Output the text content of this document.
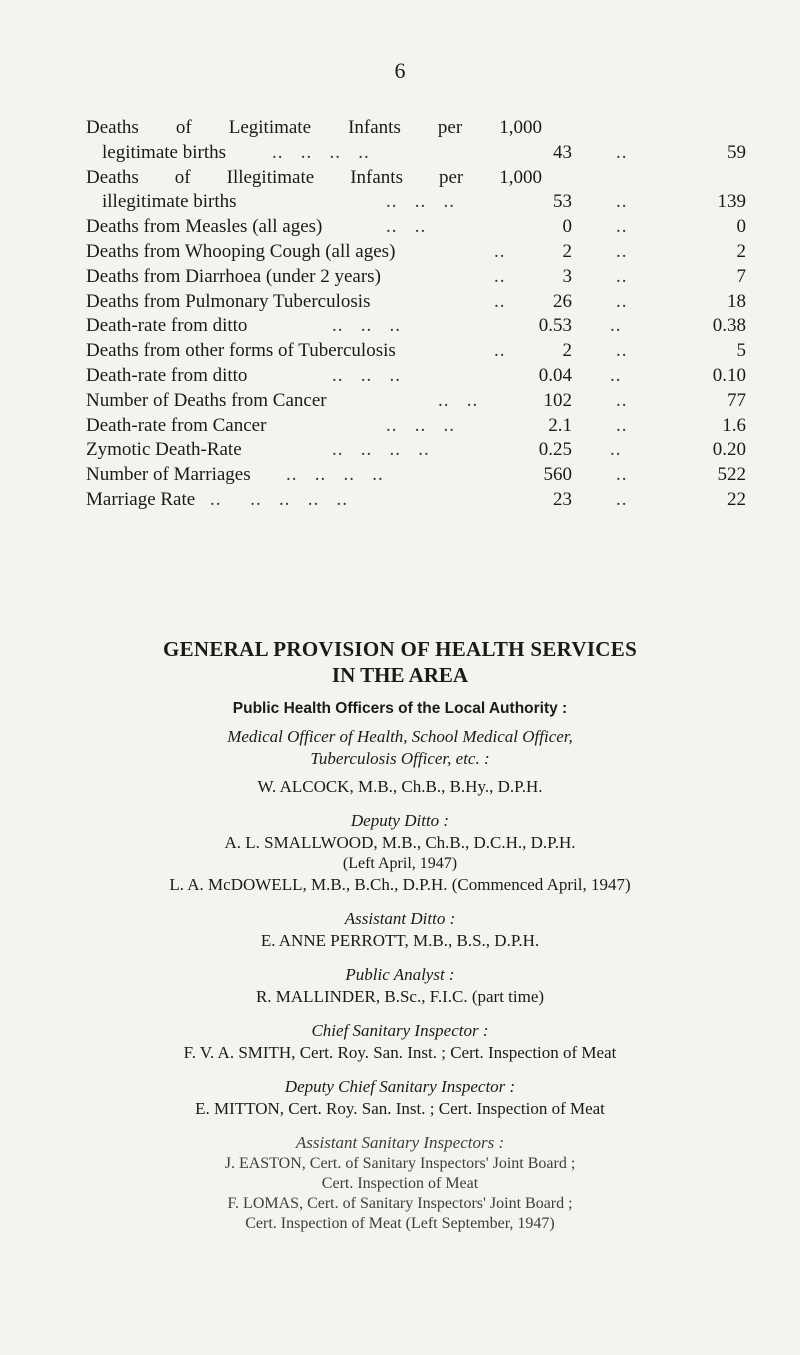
6
Deaths of Legitimate Infants per 1,000
legitimate births ..   ..   ..   ..	43 ..	59
Deaths of Illegitimate Infants per 1,000
illegitimate births	..   ..   ..	53 ..	139
Deaths from Measles (all ages)	..   ..	0 ..	0
Deaths from Whooping Cough (all ages)	..	2 ..	2
Deaths from Diarrhoea (under 2 years)	..	3 ..	7
Deaths from Pulmonary Tuberculosis	..	26 ..	18
Death-rate from ditto	..   ..   ..	0.53 ..	0.38
Deaths from other forms of Tuberculosis	..	2 ..	5
Death-rate from ditto	..   ..   ..	0.04 ..	0.10
Number of Deaths from Cancer	..   ..	102 ..	77
Death-rate from Cancer	..   ..   ..	2.1 ..	1.6
Zymotic Death-Rate	..   ..   ..   ..	0.25 ..	0.20
Number of Marriages ..   ..   ..   ..	560 ..	522
Marriage Rate ..     ..   ..   ..   ..	23 ..	22
GENERAL PROVISION OF HEALTH SERVICES
IN THE AREA
Public Health Officers of the Local Authority :
Medical Officer of Health, School Medical Officer,
Tuberculosis Officer, etc. :
W. ALCOCK, M.B., Ch.B., B.Hy., D.P.H.
Deputy Ditto :
A. L. SMALLWOOD, M.B., Ch.B., D.C.H., D.P.H.
(Left April, 1947)
L. A. McDOWELL, M.B., B.Ch., D.P.H. (Commenced April, 1947)
Assistant Ditto :
E. ANNE PERROTT, M.B., B.S., D.P.H.
Public Analyst :
R. MALLINDER, B.Sc., F.I.C. (part time)
Chief Sanitary Inspector :
F. V. A. SMITH, Cert. Roy. San. Inst. ; Cert. Inspection of Meat
Deputy Chief Sanitary Inspector :
E. MITTON, Cert. Roy. San. Inst. ; Cert. Inspection of Meat
Assistant Sanitary Inspectors :
J. EASTON, Cert. of Sanitary Inspectors' Joint Board ;
Cert. Inspection of Meat
F. LOMAS, Cert. of Sanitary Inspectors' Joint Board ;
Cert. Inspection of Meat (Left September, 1947)
